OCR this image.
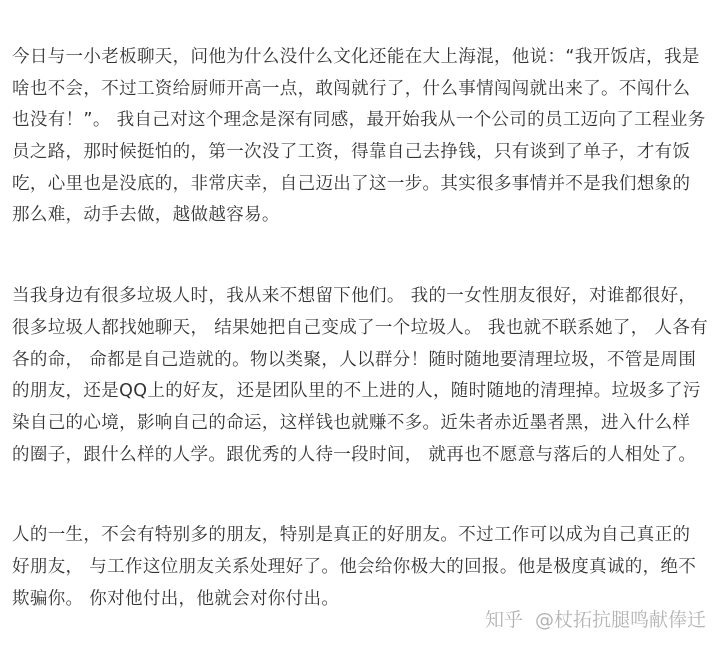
今日与一小老板聊天，问他为什么没什么文化还能在大上海混，他说：“我开饭店，我是
啥也不会，不过工资给厨师开高一点，敢闯就行了，什么事情闯闯就出来了。不闯什么
也没有！”。 我自己对这个理念是深有同感，最开始我从一个公司的员工迈向了工程业务
员之路，那时候挺怕的，第一次没了工资，得靠自己去挣钱，只有谈到了单子，才有饭
吃，心里也是没底的，非常庆幸，自己迈出了这一步。其实很多事情并不是我们想象的
那么难，动手去做，越做越容易。

当我身边有很多垃圾人时，我从来不想留下他们。 我的一女性朋友很好，对谁都很好，
很多垃圾人都找她聊天， 结果她把自己变成了一个垃圾人。 我也就不联系她了， 人各有
各的命， 命都是自己造就的。物以类聚，人以群分！随时随地要清理垃圾，不管是周围
的朋友，还是QQ上的好友，还是团队里的不上进的人，随时随地的清理掉。垃圾多了污
染自己的心境，影响自己的命运，这样钱也就赚不多。近朱者赤近墨者黑，进入什么样
的圈子，跟什么样的人学。跟优秀的人待一段时间， 就再也不愿意与落后的人相处了。

人的一生，不会有特别多的朋友，特别是真正的好朋友。不过工作可以成为自己真正的
好朋友， 与工作这位朋友关系处理好了。他会给你极大的回报。他是极度真诚的，绝不
欺骗你。 你对他付出，他就会对你付出。

知乎 @杖拓抗腿鸣献俸迁
